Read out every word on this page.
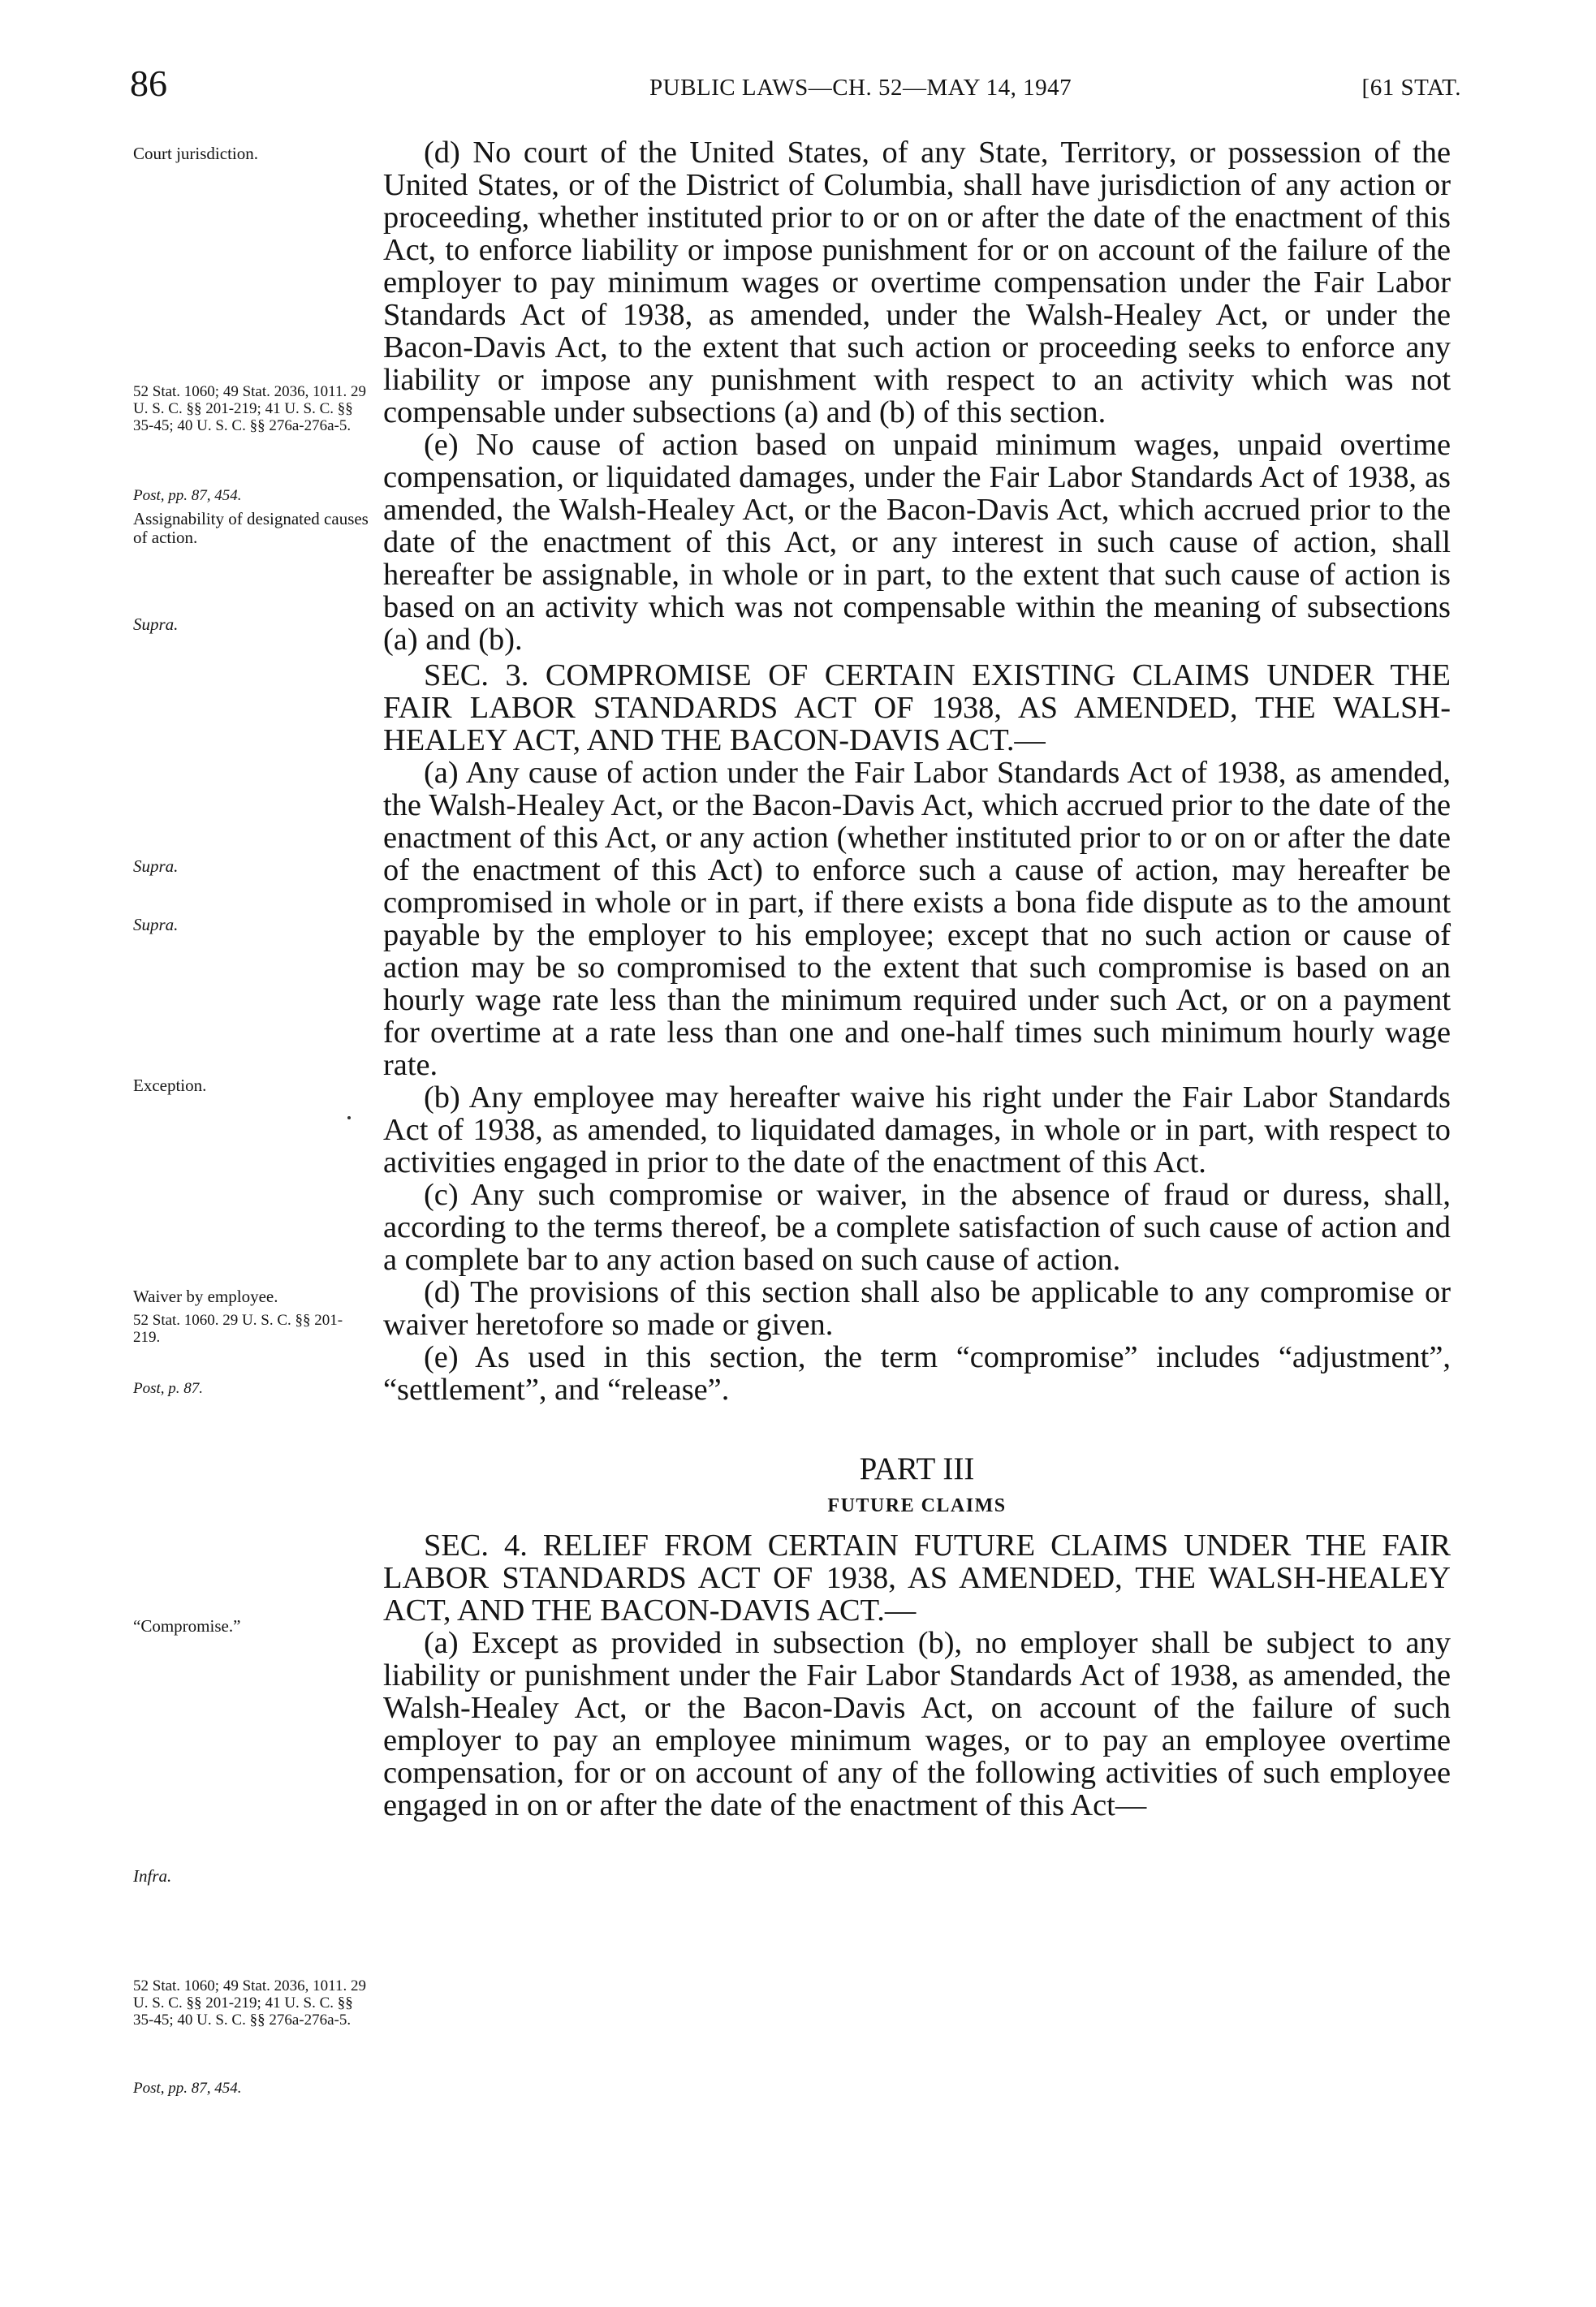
86	PUBLIC LAWS—CH. 52—MAY 14, 1947	[61 STAT.
Court jurisdiction.
52 Stat. 1060; 49 Stat. 2036, 1011. 29 U. S. C. §§ 201-219; 41 U. S. C. §§ 35-45; 40 U. S. C. §§ 276a-276a-5.
Post, pp. 87, 454.
Assignability of designated causes of action.
Supra.
Supra.
Supra.
Exception.
Waiver by employee.
52 Stat. 1060. 29 U. S. C. §§ 201-219.
Post, p. 87.
“Compromise.”
Infra.
52 Stat. 1060; 49 Stat. 2036, 1011. 29 U. S. C. §§ 201-219; 41 U. S. C. §§ 35-45; 40 U. S. C. §§ 276a-276a-5.
Post, pp. 87, 454.

(d) No court of the United States, of any State, Territory, or possession of the United States, or of the District of Columbia, shall have jurisdiction of any action or proceeding, whether instituted prior to or on or after the date of the enactment of this Act, to enforce liability or impose punishment for or on account of the failure of the employer to pay minimum wages or overtime compensation under the Fair Labor Standards Act of 1938, as amended, under the Walsh-Healey Act, or under the Bacon-Davis Act, to the extent that such action or proceeding seeks to enforce any liability or impose any punishment with respect to an activity which was not compensable under subsections (a) and (b) of this section.

(e) No cause of action based on unpaid minimum wages, unpaid overtime compensation, or liquidated damages, under the Fair Labor Standards Act of 1938, as amended, the Walsh-Healey Act, or the Bacon-Davis Act, which accrued prior to the date of the enactment of this Act, or any interest in such cause of action, shall hereafter be assignable, in whole or in part, to the extent that such cause of action is based on an activity which was not compensable within the meaning of subsections (a) and (b).

SEC. 3. COMPROMISE OF CERTAIN EXISTING CLAIMS UNDER THE FAIR LABOR STANDARDS ACT OF 1938, AS AMENDED, THE WALSH-HEALEY ACT, AND THE BACON-DAVIS ACT.—

(a) Any cause of action under the Fair Labor Standards Act of 1938, as amended, the Walsh-Healey Act, or the Bacon-Davis Act, which accrued prior to the date of the enactment of this Act, or any action (whether instituted prior to or on or after the date of the enactment of this Act) to enforce such a cause of action, may hereafter be compromised in whole or in part, if there exists a bona fide dispute as to the amount payable by the employer to his employee; except that no such action or cause of action may be so compromised to the extent that such compromise is based on an hourly wage rate less than the minimum required under such Act, or on a payment for overtime at a rate less than one and one-half times such minimum hourly wage rate.

(b) Any employee may hereafter waive his right under the Fair Labor Standards Act of 1938, as amended, to liquidated damages, in whole or in part, with respect to activities engaged in prior to the date of the enactment of this Act.

(c) Any such compromise or waiver, in the absence of fraud or duress, shall, according to the terms thereof, be a complete satisfaction of such cause of action and a complete bar to any action based on such cause of action.

(d) The provisions of this section shall also be applicable to any compromise or waiver heretofore so made or given.

(e) As used in this section, the term “compromise” includes “adjustment”, “settlement”, and “release”.

PART III

FUTURE CLAIMS

SEC. 4. RELIEF FROM CERTAIN FUTURE CLAIMS UNDER THE FAIR LABOR STANDARDS ACT OF 1938, AS AMENDED, THE WALSH-HEALEY ACT, AND THE BACON-DAVIS ACT.—

(a) Except as provided in subsection (b), no employer shall be subject to any liability or punishment under the Fair Labor Standards Act of 1938, as amended, the Walsh-Healey Act, or the Bacon-Davis Act, on account of the failure of such employer to pay an employee minimum wages, or to pay an employee overtime compensation, for or on account of any of the following activities of such employee engaged in on or after the date of the enactment of this Act—
